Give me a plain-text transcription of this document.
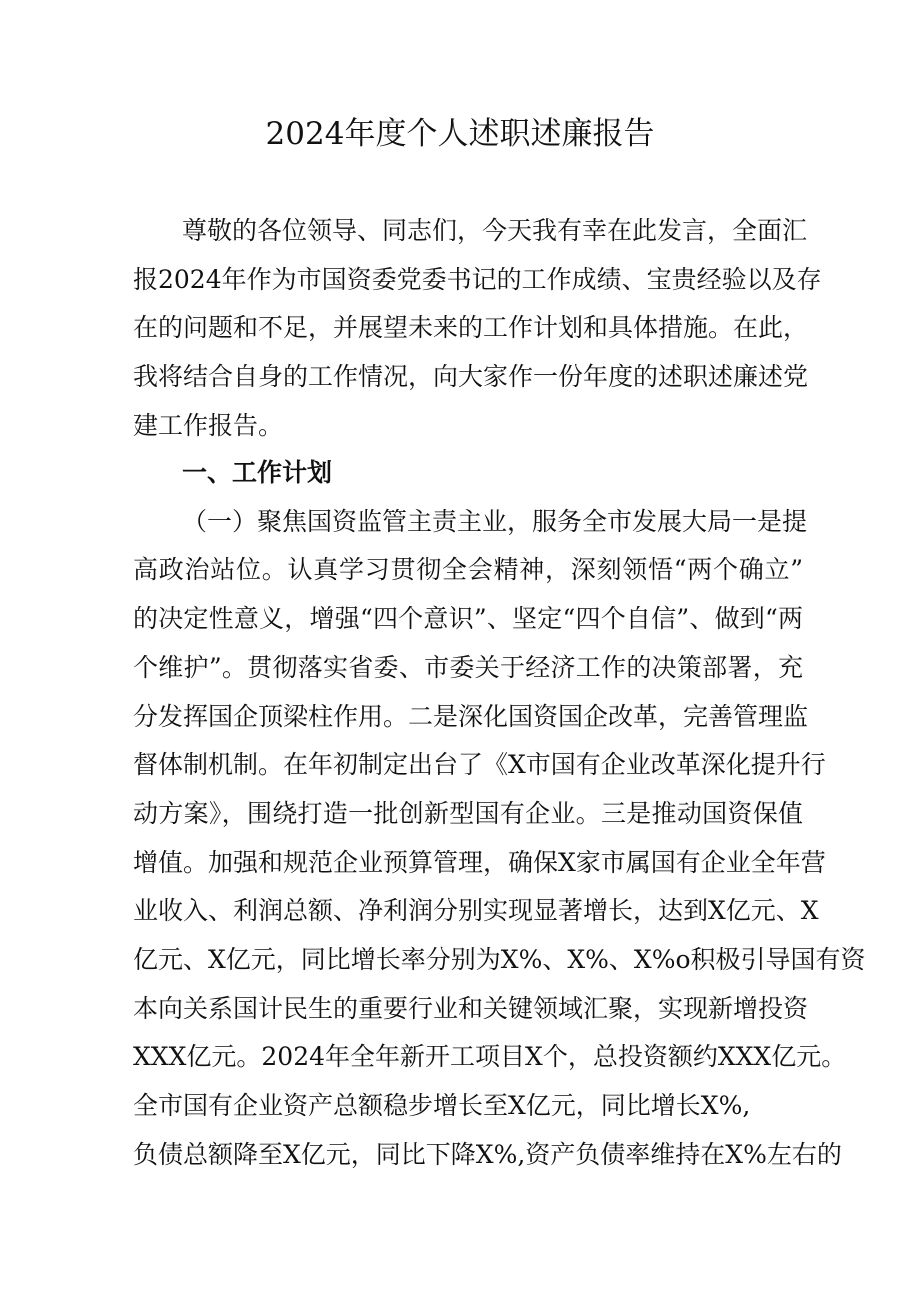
2024年度个人述职述廉报告
尊敬的各位领导、同志们，今天我有幸在此发言，全面汇
报2024年作为市国资委党委书记的工作成绩、宝贵经验以及存
在的问题和不足，并展望未来的工作计划和具体措施。在此，
我将结合自身的工作情况，向大家作一份年度的述职述廉述党
建工作报告。
一、工作计划
（一）聚焦国资监管主责主业，服务全市发展大局一是提
高政治站位。认真学习贯彻全会精神，深刻领悟“两个确立”
的决定性意义，增强“四个意识”、坚定“四个自信”、做到“两
个维护”。贯彻落实省委、市委关于经济工作的决策部署，充
分发挥国企顶梁柱作用。二是深化国资国企改革，完善管理监
督体制机制。在年初制定出台了《X市国有企业改革深化提升行
动方案》，围绕打造一批创新型国有企业。三是推动国资保值
增值。加强和规范企业预算管理，确保X家市属国有企业全年营
业收入、利润总额、净利润分别实现显著增长，达到X亿元、X
亿元、X亿元，同比增长率分别为X%、X%、X%o积极引导国有资
本向关系国计民生的重要行业和关键领域汇聚，实现新增投资
XXX亿元。2024年全年新开工项目X个，总投资额约XXX亿元。
全市国有企业资产总额稳步增长至X亿元，同比增长X%,
负债总额降至X亿元，同比下降X%,资产负债率维持在X%左右的
